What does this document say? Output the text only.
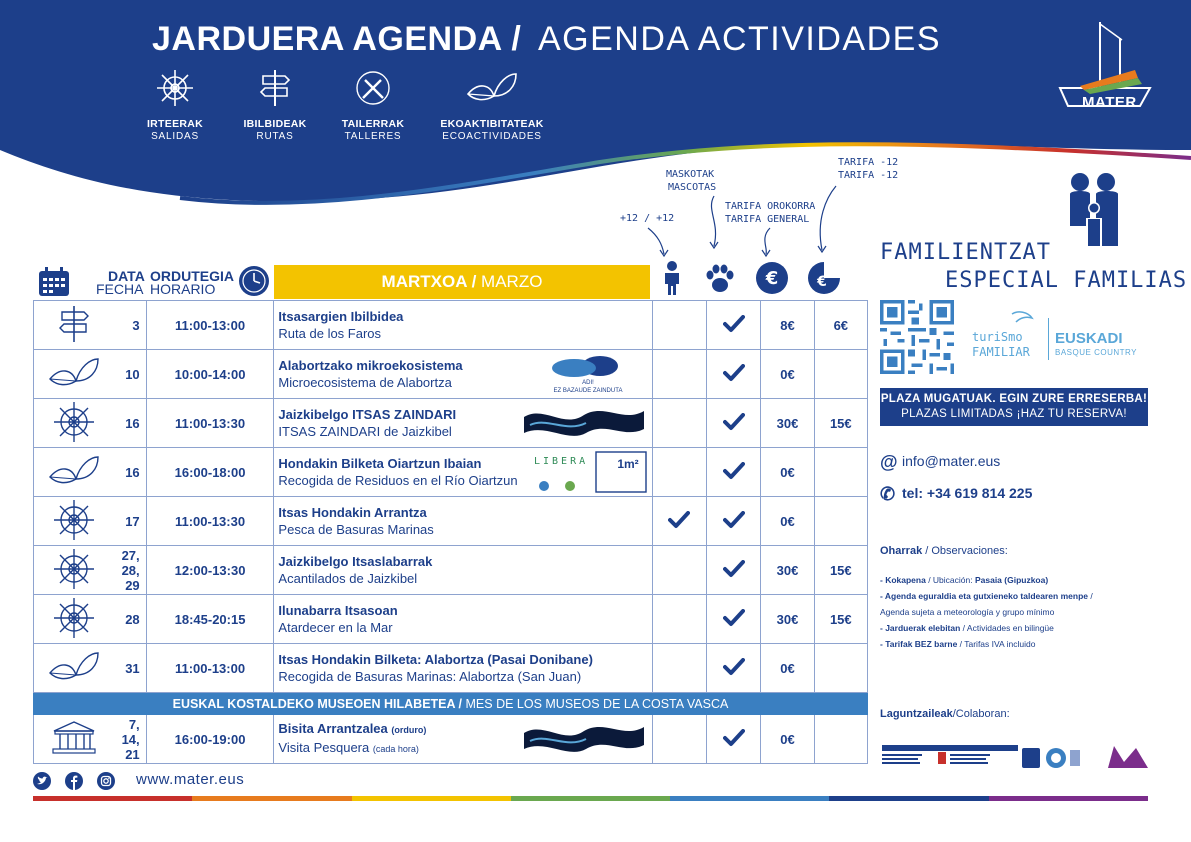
JARDUERA AGENDA / AGENDA ACTIVIDADES
IRTEERAK
SALIDAS
IBILBIDEAK
RUTAS
TAILERRAK
TALLERES
EKOAKTIBITATEAK
ECOACTIVIDADES
MATER
+12 / +12
MASKOTAK
MASCOTAS
TARIFA OROKORRA
TARIFA GENERAL
TARIFA -12
TARIFA -12
DATA
FECHA
ORDUTEGIA
HORARIO	MARTXOA / MARZO	€	€
	3	11:00-13:00	Itsasargien Ibilbidea
Ruta de los Faros			8€	6€
	10	10:00-14:00	Alabortzako mikroekosistema
Microecosistema de Alabortza ADI!
EZ BAZAUDE ZAINDUTA			0€	
	16	11:00-13:30	Jaizkibelgo ITSAS ZAINDARI
ITSAS ZAINDARI de Jaizkibel			30€	15€
	16	16:00-18:00	Hondakin Bilketa Oiartzun Ibaian
Recogida de Residuos en el Río Oiartzun
LIBERA 1m²			0€	
	17	11:00-13:30	Itsas Hondakin Arrantza
Pesca de Basuras Marinas			0€	
	27, 28, 29	12:00-13:30	Jaizkibelgo Itsaslabarrak
Acantilados de Jaizkibel			30€	15€
	28	18:45-20:15	Ilunabarra Itsasoan
Atardecer en la Mar			30€	15€
	31	11:00-13:00	Itsas Hondakin Bilketa: Alabortza (Pasai Donibane)
Recogida de Basuras Marinas: Alabortza (San Juan)			0€	
EUSKAL KOSTALDEKO MUSEOEN HILABETEA / MES DE LOS MUSEOS DE LA COSTA VASCA							
	7, 14, 21	16:00-19:00	Bisita Arrantzalea (orduro)
Visita Pesquera (cada hora)			0€	
FAMILIENTZAT
ESPECIAL FAMILIAS
turiSmo
FAMILIAR
EUSKADI
BASQUE COUNTRY
PLAZA MUGATUAK. EGIN ZURE ERRESERBA!
PLAZAS LIMITADAS ¡HAZ TU RESERVA!
@ info@mater.eus
✆ tel: +34 619 814 225
Oharrak / Observaciones:
- Kokapena / Ubicación: Pasaia (Gipuzkoa)
- Agenda eguraldia eta gutxieneko taldearen menpe /
Agenda sujeta a meteorología y grupo mínimo
- Jarduerak elebitan / Actividades en bilingüe
- Tarifak BEZ barne / Tarifas IVA incluido
Laguntzaileak/Colaboran:
www.mater.eus
